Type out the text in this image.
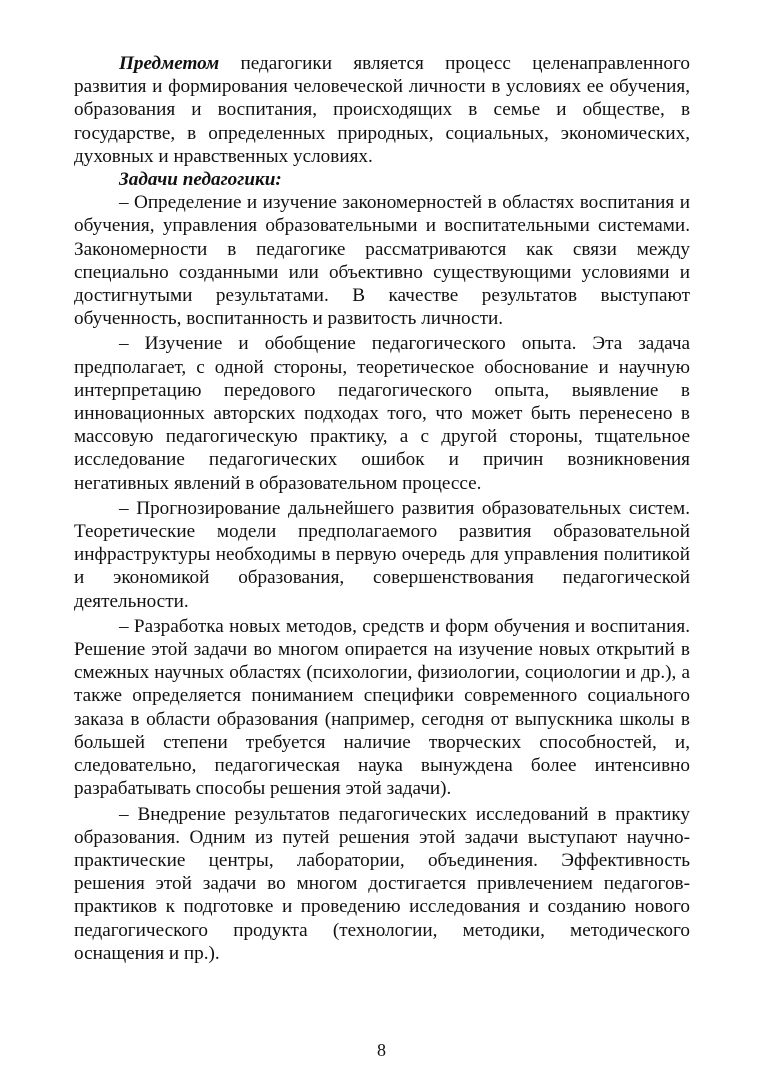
Предметом педагогики является процесс целенаправленного развития и формирования человеческой личности в условиях ее обучения, образования и воспитания, происходящих в семье и обществе, в государстве, в определенных природных, социальных, экономических, духовных и нравственных условиях.

Задачи педагогики:

– Определение и изучение закономерностей в областях воспитания и обучения, управления образовательными и воспитательными системами. Закономерности в педагогике рассматриваются как связи между специально созданными или объективно существующими условиями и достигнутыми результатами. В качестве результатов выступают обученность, воспитанность и развитость личности.

– Изучение и обобщение педагогического опыта. Эта задача предполагает, с одной стороны, теоретическое обоснование и научную интерпретацию передового педагогического опыта, выявление в инновационных авторских подходах того, что может быть перенесено в массовую педагогическую практику, а с другой стороны, тщательное исследование педагогических ошибок и причин возникновения негативных явлений в образовательном процессе.

– Прогнозирование дальнейшего развития образовательных систем. Теоретические модели предполагаемого развития образовательной инфраструктуры необходимы в первую очередь для управления политикой и экономикой образования, совершенствования педагогической деятельности.

– Разработка новых методов, средств и форм обучения и воспитания. Решение этой задачи во многом опирается на изучение новых открытий в смежных научных областях (психологии, физиологии, социологии и др.), а также определяется пониманием специфики современного социального заказа в области образования (например, сегодня от выпускника школы в большей степени требуется наличие творческих способностей, и, следовательно, педагогическая наука вынуждена более интенсивно разрабатывать способы решения этой задачи).

– Внедрение результатов педагогических исследований в практику образования. Одним из путей решения этой задачи выступают научно-практические центры, лаборатории, объединения. Эффективность решения этой задачи во многом достигается привлечением педагогов-практиков к подготовке и проведению исследования и созданию нового педагогического продукта (технологии, методики, методического оснащения и пр.).

8
